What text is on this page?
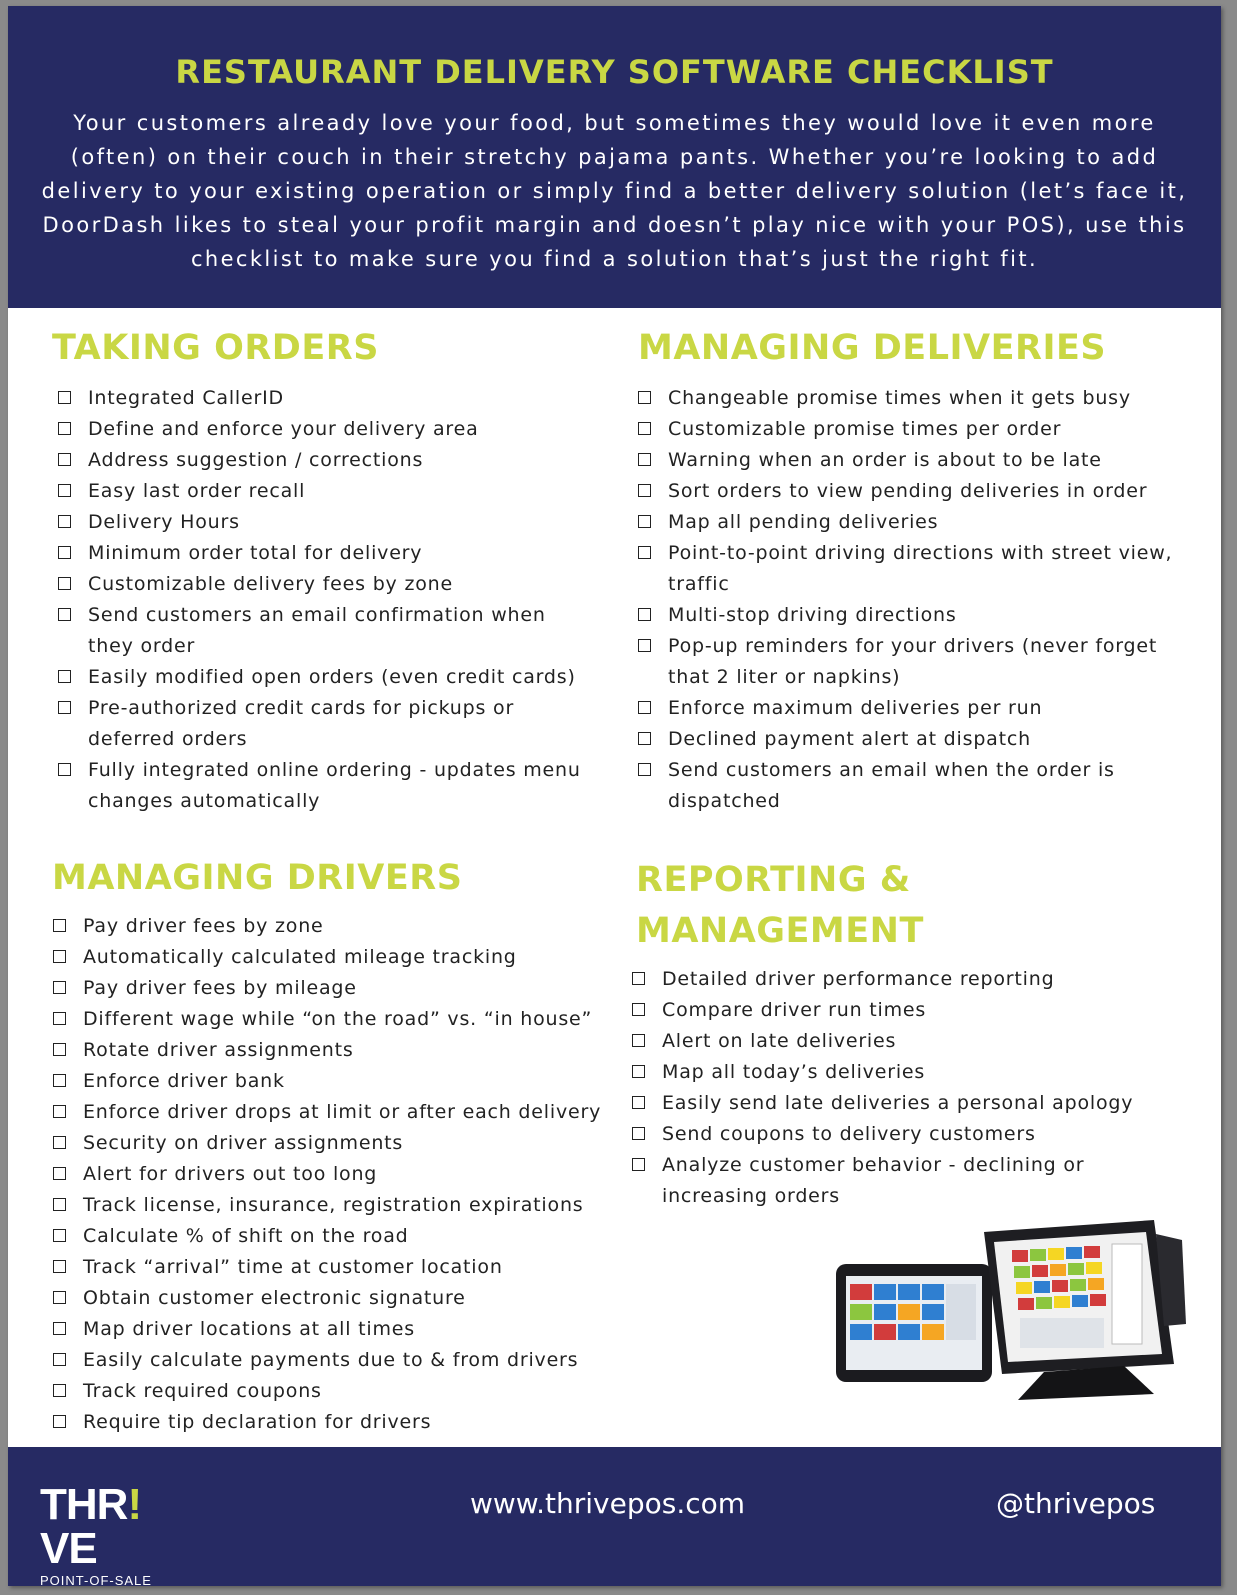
RESTAURANT DELIVERY SOFTWARE CHECKLIST
Your customers already love your food, but sometimes they would love it even more (often) on their couch in their stretchy pajama pants. Whether you’re looking to add delivery to your existing operation or simply find a better delivery solution (let’s face it, DoorDash likes to steal your profit margin and doesn’t play nice with your POS), use this checklist to make sure you find a solution that’s just the right fit.
TAKING ORDERS
Integrated CallerID
Define and enforce your delivery area
Address suggestion / corrections
Easy last order recall
Delivery Hours
Minimum order total for delivery
Customizable delivery fees by zone
Send customers an email confirmation when they order
Easily modified open orders (even credit cards)
Pre-authorized credit cards for pickups or deferred orders
Fully integrated online ordering - updates menu changes automatically
MANAGING DELIVERIES
Changeable promise times when it gets busy
Customizable promise times per order
Warning when an order is about to be late
Sort orders to view pending deliveries in order
Map all pending deliveries
Point-to-point driving directions with street view, traffic
Multi-stop driving directions
Pop-up reminders for your drivers (never forget that 2 liter or napkins)
Enforce maximum deliveries per run
Declined payment alert at dispatch
Send customers an email when the order is dispatched
MANAGING DRIVERS
Pay driver fees by zone
Automatically calculated mileage tracking
Pay driver fees by mileage
Different wage while “on the road” vs. “in house”
Rotate driver assignments
Enforce driver bank
Enforce driver drops at limit or after each delivery
Security on driver assignments
Alert for drivers out too long
Track license, insurance, registration expirations
Calculate % of shift on the road
Track “arrival” time at customer location
Obtain customer electronic signature
Map driver locations at all times
Easily calculate payments due to & from drivers
Track required coupons
Require tip declaration for drivers
REPORTING &
MANAGEMENT
Detailed driver performance reporting
Compare driver run times
Alert on late deliveries
Map all today’s deliveries
Easily send late deliveries a personal apology
Send coupons to delivery customers
Analyze customer behavior - declining or increasing orders
THR!VE
POINT-OF-SALE
www.thrivepos.com	@thrivepos
